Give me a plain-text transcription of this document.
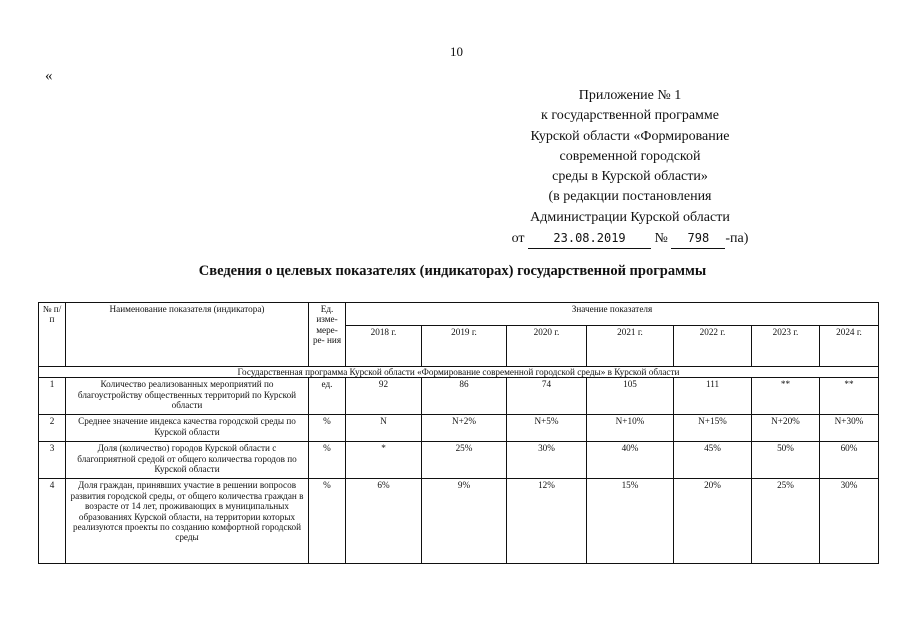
10
«
Приложение № 1
к государственной программе
Курской области «Формирование
современной городской
среды в Курской области»
(в редакции постановления
Администрации Курской области
от 23.08.2019 № 798 -па)
Сведения о целевых показателях (индикаторах) государственной программы
№ п/п	Наименование показателя (индикатора)	Ед. изме- мере- ре- ния	Значение показателя						
			2018 г.	2019 г.	2020 г.	2021 г.	2022 г.	2023 г.	2024 г.
Государственная программа Курской области «Формирование современной городской среды» в Курской области									
1	Количество реализованных мероприятий по благоустройству общественных территорий по Курской области	ед.	92	86	74	105	111	**	**
2	Среднее значение индекса качества городской среды по Курской области	%	N	N+2%	N+5%	N+10%	N+15%	N+20%	N+30%
3	Доля (количество) городов Курской области с благоприятной средой от общего количества городов по Курской области	%	*	25%	30%	40%	45%	50%	60%
4	Доля граждан, принявших участие в решении вопросов развития городской среды, от общего количества граждан в возрасте от 14 лет, проживающих в муниципальных образованиях Курской области, на территории которых реализуются проекты по созданию комфортной городской среды	%	6%	9%	12%	15%	20%	25%	30%
